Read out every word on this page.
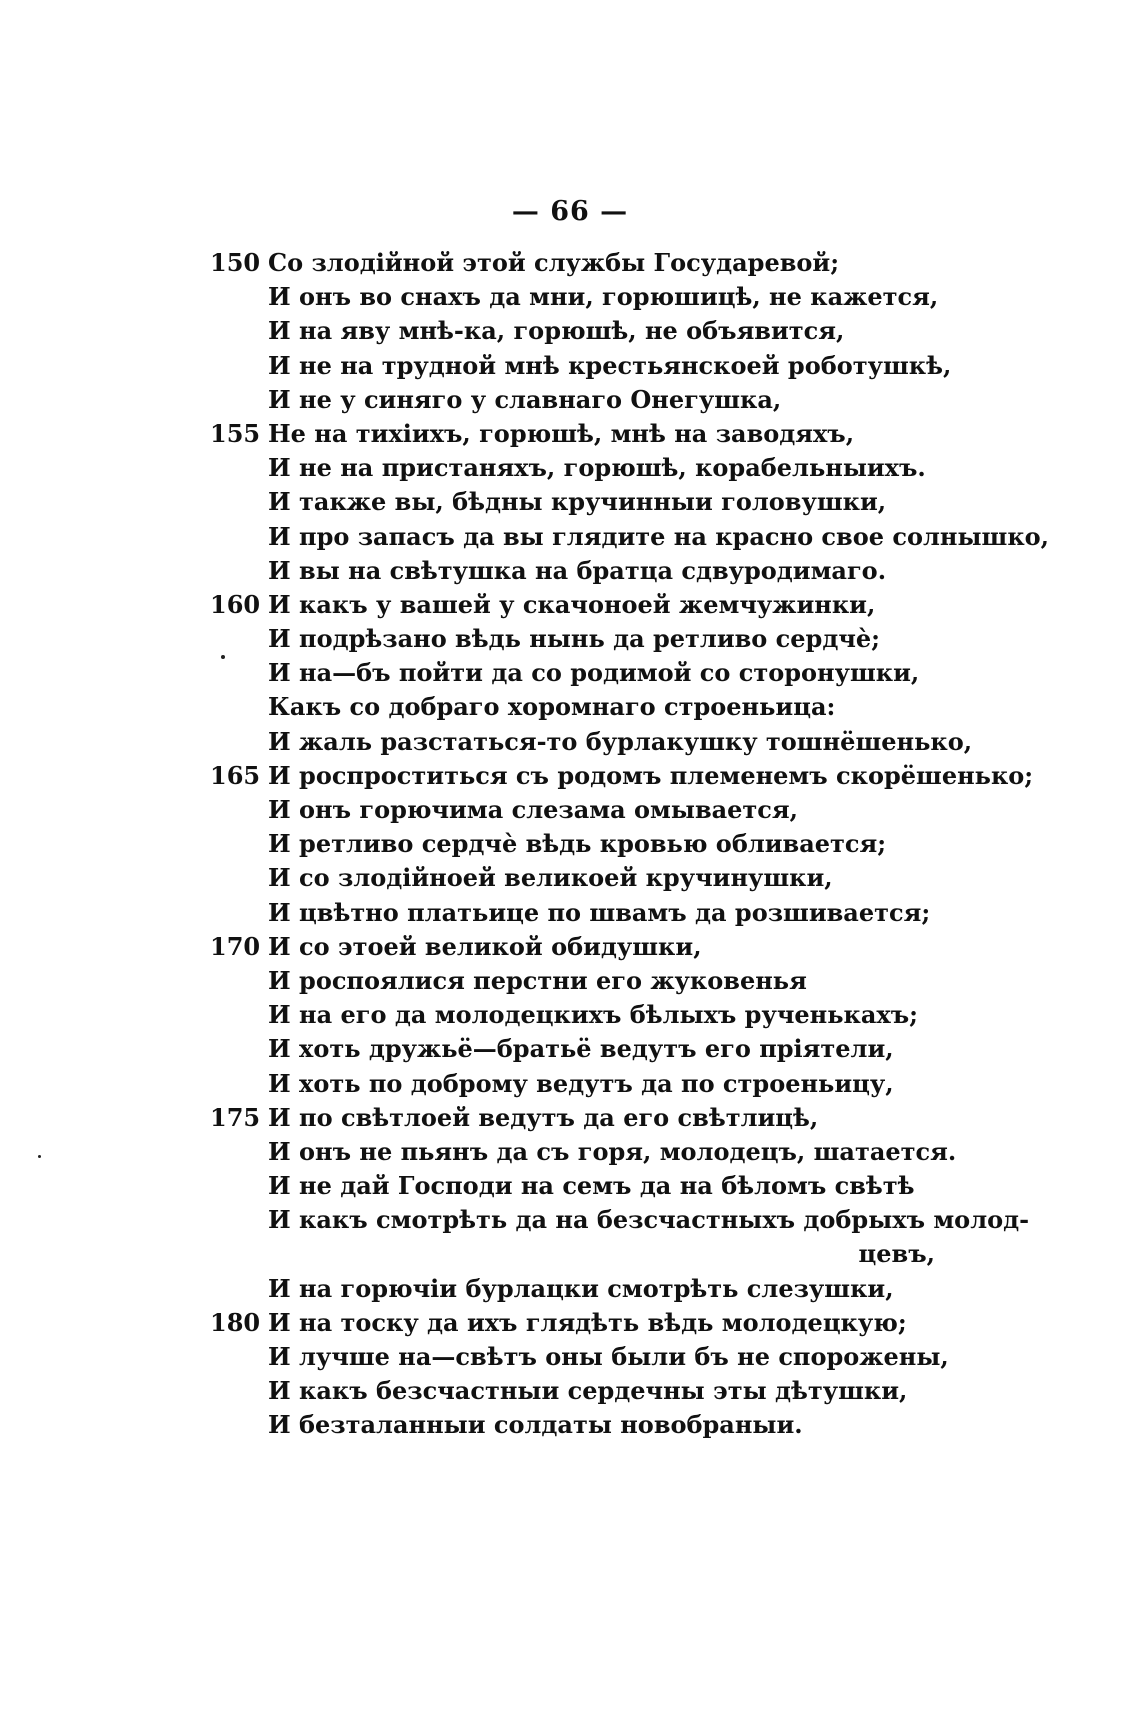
— 66 —
150 Со злодійной этой службы Государевой;
И онъ во снахъ да мни, горюшицѣ, не кажется,
И на яву мнѣ-ка, горюшѣ, не объявится,
И не на трудной мнѣ крестьянскоей роботушкѣ,
И не у синяго у славнаго Онегушка,
155 Не на тихіихъ, горюшѣ, мнѣ на заводяхъ,
И не на пристаняхъ, горюшѣ, корабельныихъ.
И также вы, бѣдны кручинныи головушки,
И про запасъ да вы глядите на красно свое солнышко,
И вы на свѣтушка на братца сдвуродимаго.
160 И какъ у вашей у скачоноей жемчужинки,
И подрѣзано вѣдь нынь да ретливо сердчѐ;
И на—бъ пойти да со родимой со сторонушки,
Какъ со добраго хоромнаго строеньица:
И жаль разстаться-то бурлакушку тошнёшенько,
165 И роспроститься съ родомъ племенемъ скорёшенько;
И онъ горючима слезама омывается,
И ретливо сердчѐ вѣдь кровью обливается;
И со злодійноей великоей кручинушки,
И цвѣтно платьице по швамъ да розшивается;
170 И со этоей великой обидушки,
И роспоялися перстни его жуковенья
И на его да молодецкихъ бѣлыхъ рученькахъ;
И хоть дружьё—братьё ведутъ его прiятели,
И хоть по доброму ведутъ да по строеньицу,
175 И по свѣтлоей ведутъ да его свѣтлицѣ,
И онъ не пьянъ да съ горя, молодецъ, шатается.
И не дай Господи на семъ да на бѣломъ свѣтѣ
И какъ смотрѣть да на безсчастныхъ добрыхъ молод-
цевъ,
И на горючiи бурлацки смотрѣть слезушки,
180 И на тоску да ихъ глядѣть вѣдь молодецкую;
И лучше на—свѣтъ оны были бъ не спорожены,
И какъ безсчастныи сердечны эты дѣтушки,
И безталанныи солдаты новобраныи.
